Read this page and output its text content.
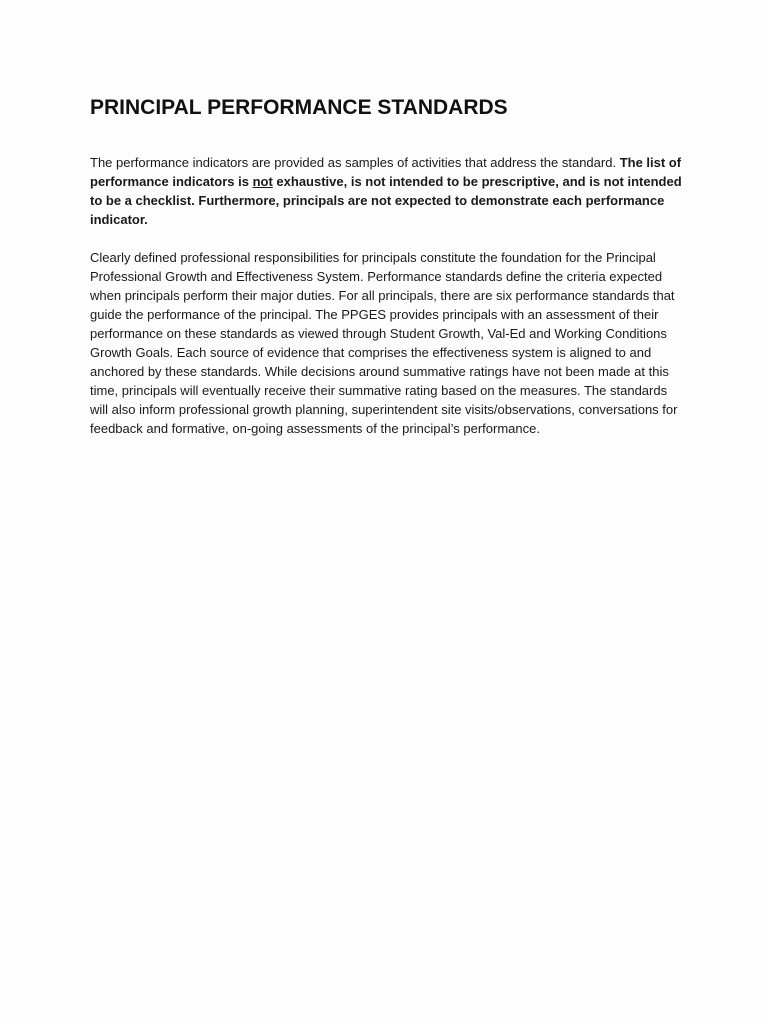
PRINCIPAL PERFORMANCE STANDARDS

The performance indicators are provided as samples of activities that address the standard. The list of performance indicators is not exhaustive, is not intended to be prescriptive, and is not intended to be a checklist. Furthermore, principals are not expected to demonstrate each performance indicator.

Clearly defined professional responsibilities for principals constitute the foundation for the Principal Professional Growth and Effectiveness System. Performance standards define the criteria expected when principals perform their major duties. For all principals, there are six performance standards that guide the performance of the principal. The PPGES provides principals with an assessment of their performance on these standards as viewed through Student Growth, Val-Ed and Working Conditions Growth Goals. Each source of evidence that comprises the effectiveness system is aligned to and anchored by these standards. While decisions around summative ratings have not been made at this time, principals will eventually receive their summative rating based on the measures. The standards will also inform professional growth planning, superintendent site visits/observations, conversations for feedback and formative, on-going assessments of the principal’s performance.
